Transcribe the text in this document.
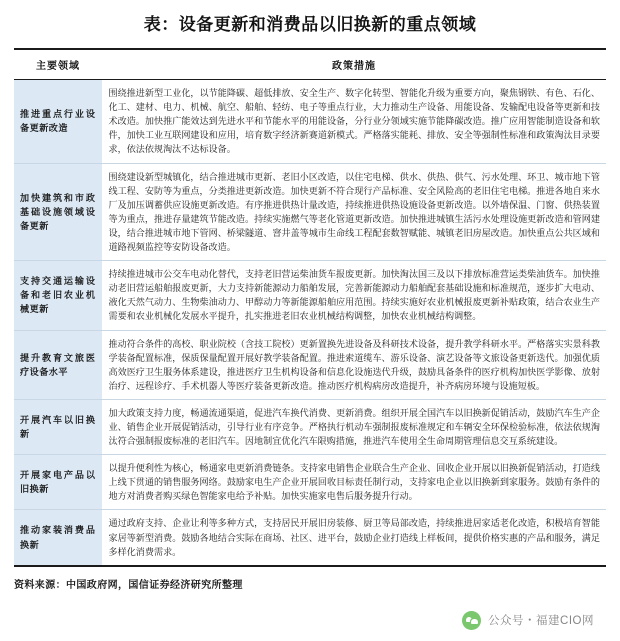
表：设备更新和消费品以旧换新的重点领域
主要领域	政策措施
推进重点行业设备更新改造	围绕推进新型工业化，以节能降碳、超低排放、安全生产、数字化转型、智能化升级为重要方向，聚焦钢铁、有色、石化、化工、建材、电力、机械、航空、船舶、轻纺、电子等重点行业，大力推动生产设备、用能设备、发输配电设备等更新和技术改造。加快推广能效达到先进水平和节能水平的用能设备，分行业分领域实施节能降碳改造。推广应用智能制造设备和软件，加快工业互联网建设和应用，培育数字经济新赛道新模式。严格落实能耗、排放、安全等强制性标准和政策淘汰目录要求，依法依规淘汰不达标设备。
加快建筑和市政基础设施领域设备更新	围绕建设新型城镇化，结合推进城市更新、老旧小区改造，以住宅电梯、供水、供热、供气、污水处理、环卫、城市地下管线工程、安防等为重点，分类推进更新改造。加快更新不符合现行产品标准、安全风险高的老旧住宅电梯。推进各地自来水厂及加压调蓄供应设施更新改造。有序推进供热计量改造，持续推进供热设施设备更新改造。以外墙保温、门窗、供热装置等为重点，推进存量建筑节能改造。持续实施燃气等老化管道更新改造。加快推进城镇生活污水处理设施更新改造和管网建设，结合推进城市地下管网、桥梁隧道、窨井盖等城市生命线工程配套数智赋能、城镇老旧房屋改造。加快重点公共区域和道路视频监控等安防设备改造。
支持交通运输设备和老旧农业机械更新	持续推进城市公交车电动化替代，支持老旧营运柴油货车报废更新。加快淘汰国三及以下排放标准营运类柴油货车。加快推动老旧营运船舶报废更新，大力支持新能源动力船舶发展，完善新能源动力船舶配套基础设施和标准规范，逐步扩大电动、液化天然气动力、生物柴油动力、甲醇动力等新能源船舶应用范围。持续实施好农业机械报废更新补贴政策，结合农业生产需要和农业机械化发展水平提升，扎实推进老旧农业机械结构调整，加快农业机械结构调整。
提升教育文旅医疗设备水平	推动符合条件的高校、职业院校（含技工院校）更新置换先进设备及科研技术设备，提升教学科研水平。严格落实实景科教学装备配置标准，保质保量配置开展好教学装备配置。推进索道缆车、游乐设备、演艺设备等文旅设备更新迭代。加强优质高效医疗卫生服务体系建设，推进医疗卫生机构设备和信息化设施迭代升级，鼓励具备条件的医疗机构加快医学影像、放射治疗、远程诊疗、手术机器人等医疗装备更新改造。推动医疗机构病房改造提升，补齐病房环境与设施短板。
开展汽车以旧换新	加大政策支持力度，畅通流通渠道，促进汽车换代消费、更新消费。组织开展全国汽车以旧换新促销活动，鼓励汽车生产企业、销售企业开展促销活动，引导行业有序竞争。严格执行机动车强制报废标准规定和车辆安全环保检验标准，依法依规淘汰符合强制报废标准的老旧汽车。因地制宜优化汽车限购措施，推进汽车使用全生命周期管理信息交互系统建设。
开展家电产品以旧换新	以提升便利性为核心，畅通家电更新消费链条。支持家电销售企业联合生产企业、回收企业开展以旧换新促销活动，打造线上线下贯通的销售服务网络。鼓励家电生产企业开展回收目标责任制行动，支持家电企业以旧换新到家服务。鼓励有条件的地方对消费者购买绿色智能家电给予补贴。加快实施家电售后服务提升行动。
推动家装消费品换新	通过政府支持、企业让利等多种方式，支持居民开展旧房装修、厨卫等局部改造，持续推进居家适老化改造，积极培育智能家居等新型消费。鼓励各地结合实际在商场、社区、进平台，鼓励企业打造线上样板间，提供价格实惠的产品和服务，满足多样化消费需求。
资料来源：中国政府网，国信证券经济研究所整理
公众号・福建CIO网
